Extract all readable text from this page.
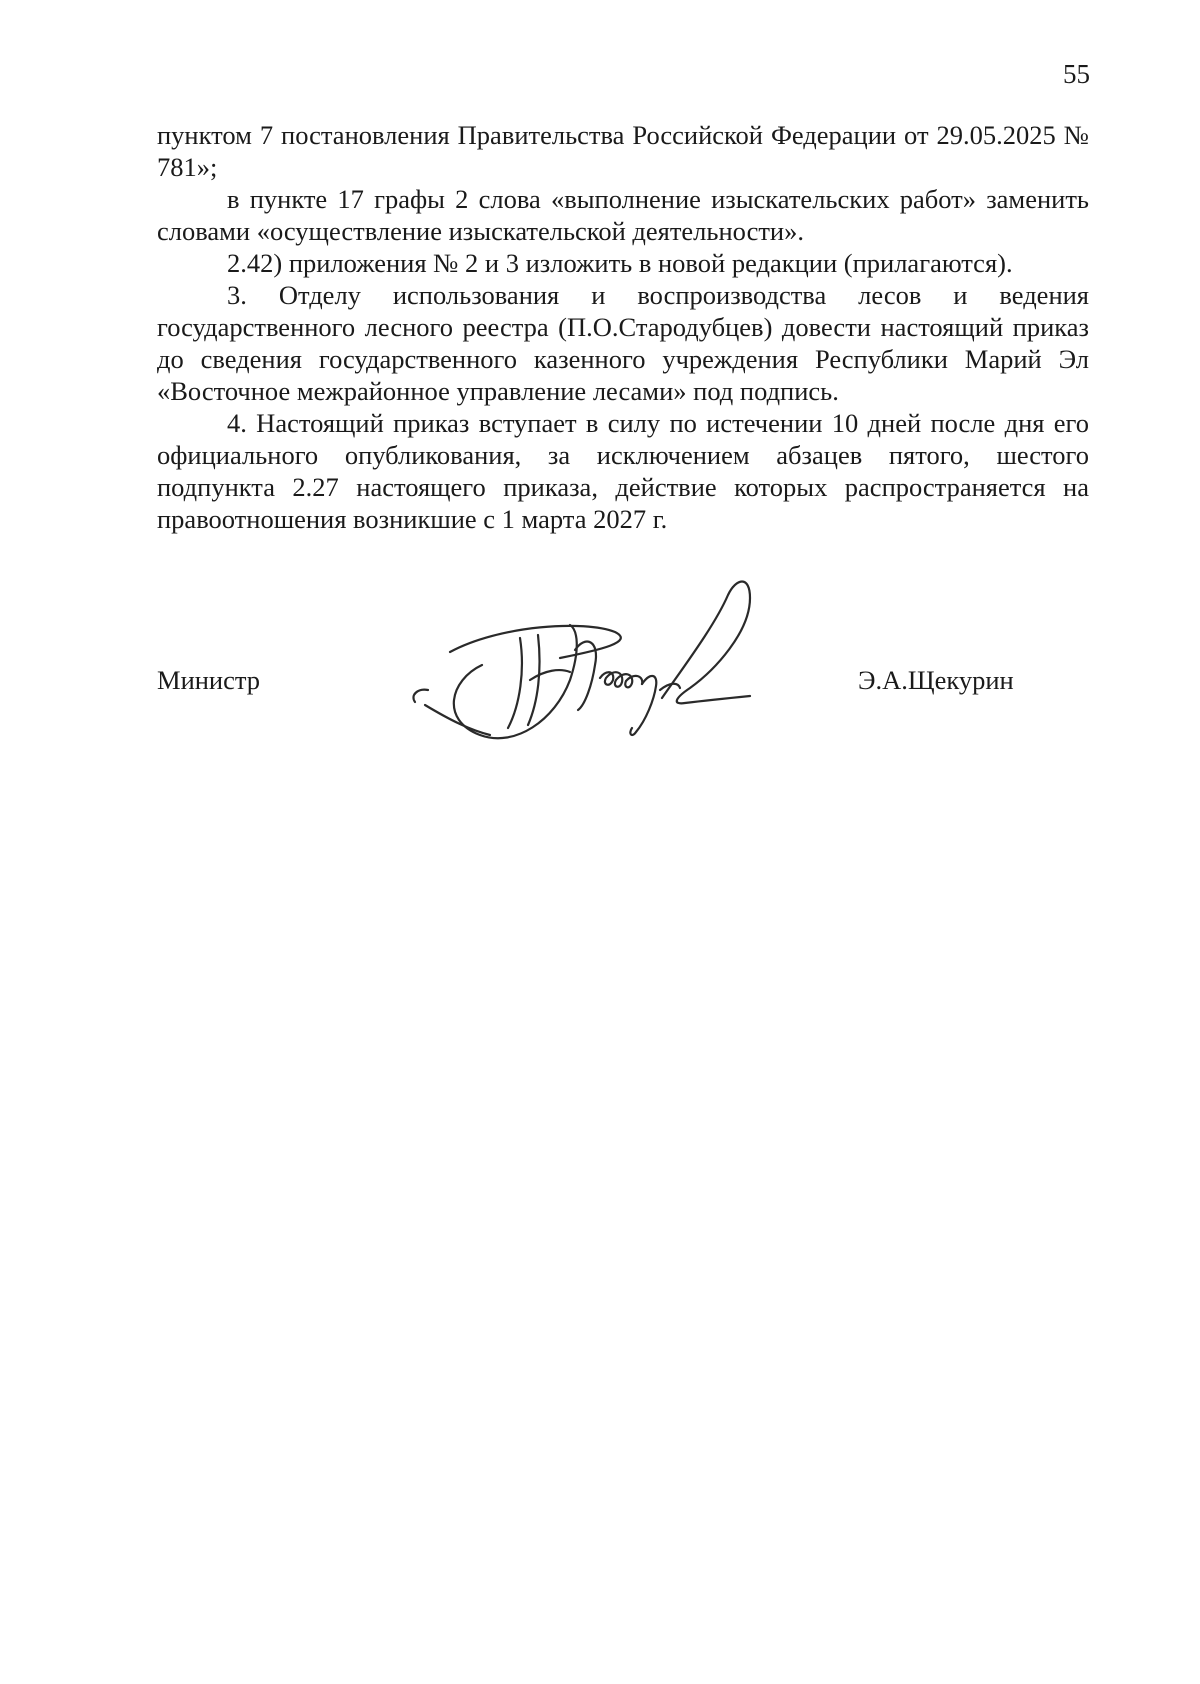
55

пунктом 7 постановления Правительства Российской Федерации от 29.05.2025 № 781»;

в пункте 17 графы 2 слова «выполнение изыскательских работ» заменить словами «осуществление изыскательской деятельности».

2.42) приложения № 2 и 3 изложить в новой редакции (прилагаются).

3. Отделу использования и воспроизводства лесов и ведения государственного лесного реестра (П.О.Стародубцев) довести настоящий приказ до сведения государственного казенного учреждения Республики Марий Эл «Восточное межрайонное управление лесами» под подпись.

4. Настоящий приказ вступает в силу по истечении 10 дней после дня его официального опубликования, за исключением абзацев пятого, шестого подпункта 2.27 настоящего приказа, действие которых распространяется на правоотношения возникшие с 1 марта 2027 г.

Министр	Э.А.Щекурин
